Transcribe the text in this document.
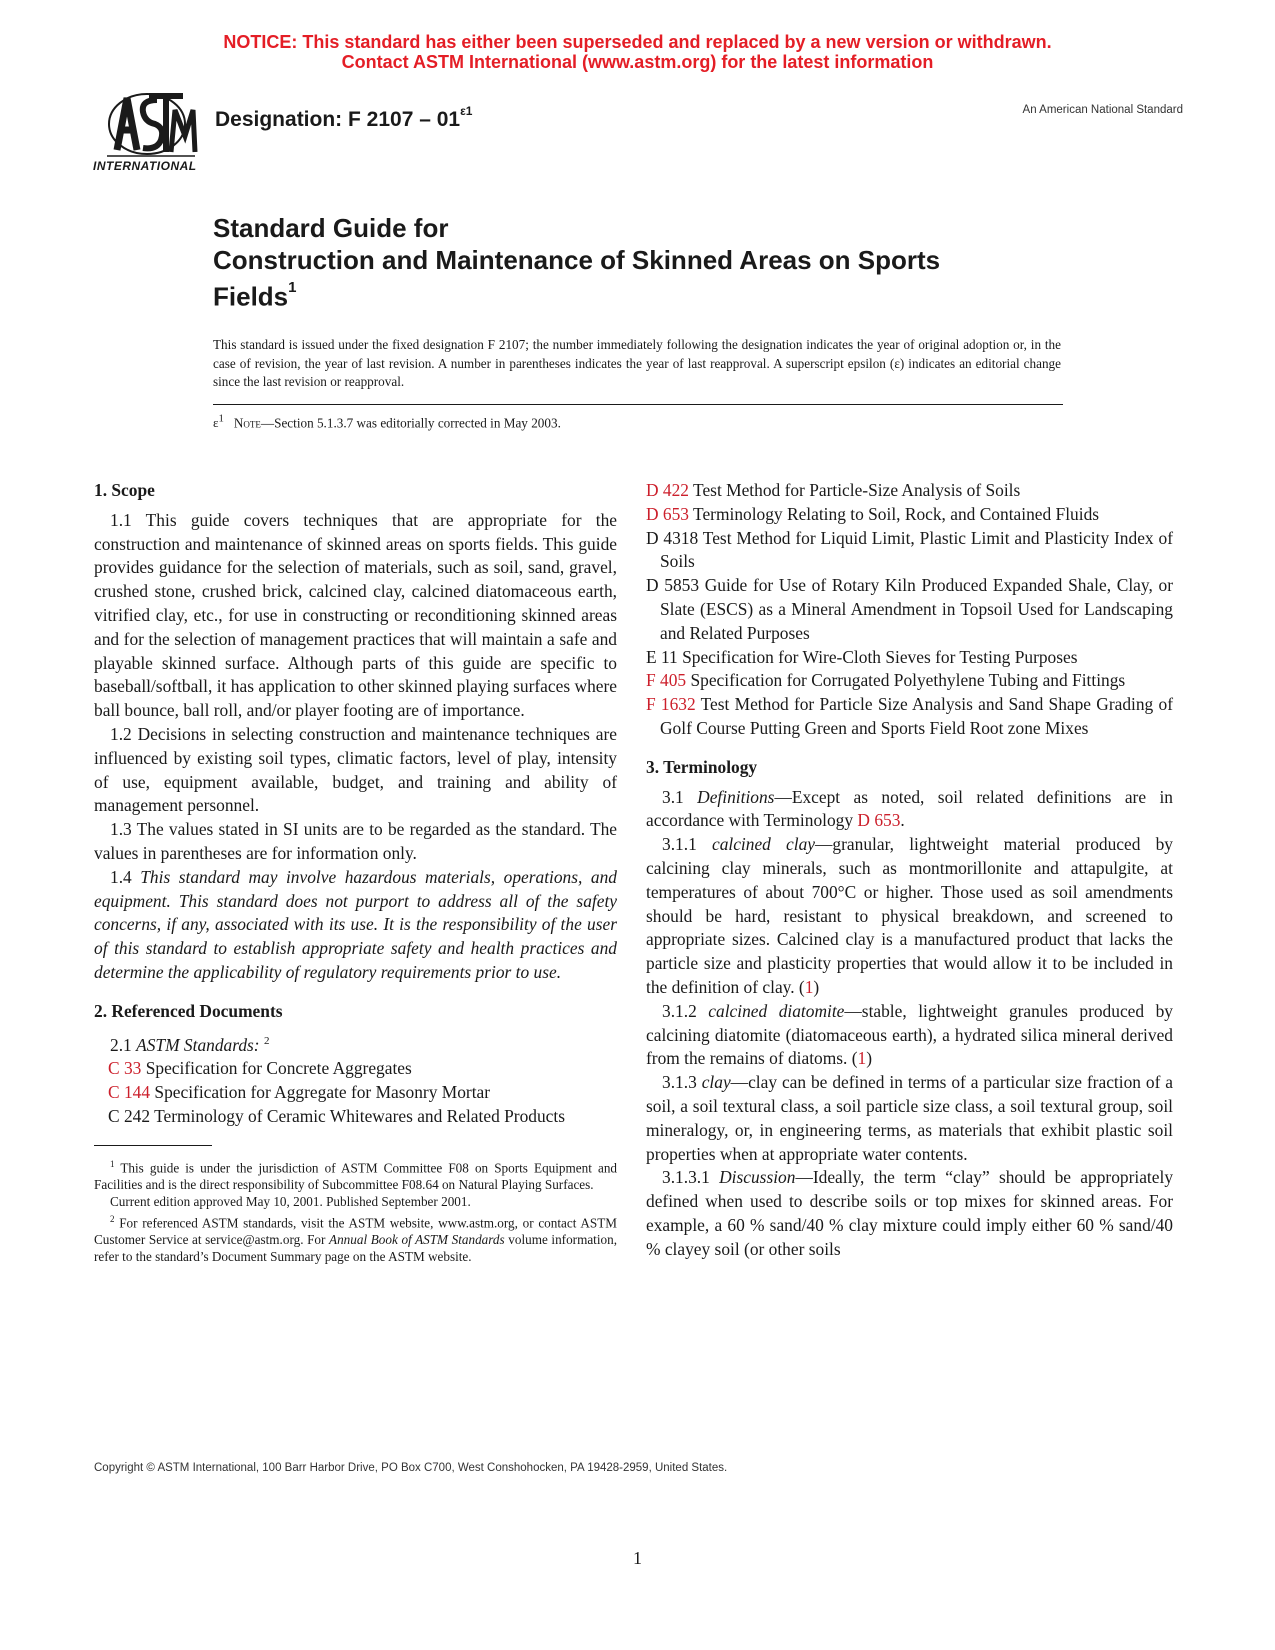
NOTICE: This standard has either been superseded and replaced by a new version or withdrawn.
Contact ASTM International (www.astm.org) for the latest information
INTERNATIONAL
Designation: F $2107 - 01^{\varepsilon 1}$	An American National Standard
Standard Guide for
Construction and Maintenance of Skinned Areas on Sports
Fields$^1$
This standard is issued under the fixed designation F 2107; the number immediately following the designation indicates the year of original adoption or, in the case of revision, the year of last revision. A number in parentheses indicates the year of last reapproval. A superscript epsilon (ε) indicates an editorial change since the last revision or reapproval.
$\varepsilon^1$ Note—Section 5.1.3.7 was editorially corrected in May 2003.
1. Scope

1.1 This guide covers techniques that are appropriate for the construction and maintenance of skinned areas on sports fields. This guide provides guidance for the selection of materials, such as soil, sand, gravel, crushed stone, crushed brick, calcined clay, calcined diatomaceous earth, vitrified clay, etc., for use in constructing or reconditioning skinned areas and for the selection of management practices that will maintain a safe and playable skinned surface. Although parts of this guide are specific to baseball/softball, it has application to other skinned playing surfaces where ball bounce, ball roll, and/or player footing are of importance.

1.2 Decisions in selecting construction and maintenance techniques are influenced by existing soil types, climatic factors, level of play, intensity of use, equipment available, budget, and training and ability of management personnel.

1.3 The values stated in SI units are to be regarded as the standard. The values in parentheses are for information only.

1.4 This standard may involve hazardous materials, operations, and equipment. This standard does not purport to address all of the safety concerns, if any, associated with its use. It is the responsibility of the user of this standard to establish appropriate safety and health practices and determine the applicability of regulatory requirements prior to use.

2. Referenced Documents

2.1 ASTM Standards: $^2$

C 33 Specification for Concrete Aggregates
C 144 Specification for Aggregate for Masonry Mortar
C 242 Terminology of Ceramic Whitewares and Related Products

$^1$ This guide is under the jurisdiction of ASTM Committee F08 on Sports Equipment and Facilities and is the direct responsibility of Subcommittee F08.64 on Natural Playing Surfaces.

Current edition approved May 10, 2001. Published September 2001.

$^2$ For referenced ASTM standards, visit the ASTM website, www.astm.org, or contact ASTM Customer Service at service@astm.org. For Annual Book of ASTM Standards volume information, refer to the standard’s Document Summary page on the ASTM website.

D 422 Test Method for Particle-Size Analysis of Soils
D 653 Terminology Relating to Soil, Rock, and Contained Fluids
D 4318 Test Method for Liquid Limit, Plastic Limit and Plasticity Index of Soils
D 5853 Guide for Use of Rotary Kiln Produced Expanded Shale, Clay, or Slate (ESCS) as a Mineral Amendment in Topsoil Used for Landscaping and Related Purposes
E 11 Specification for Wire-Cloth Sieves for Testing Purposes
F 405 Specification for Corrugated Polyethylene Tubing and Fittings
F 1632 Test Method for Particle Size Analysis and Sand Shape Grading of Golf Course Putting Green and Sports Field Root zone Mixes
3. Terminology

3.1 Definitions—Except as noted, soil related definitions are in accordance with Terminology D 653.

3.1.1 calcined clay—granular, lightweight material produced by calcining clay minerals, such as montmorillonite and attapulgite, at temperatures of about 700°C or higher. Those used as soil amendments should be hard, resistant to physical breakdown, and screened to appropriate sizes. Calcined clay is a manufactured product that lacks the particle size and plasticity properties that would allow it to be included in the definition of clay. (1)

3.1.2 calcined diatomite—stable, lightweight granules produced by calcining diatomite (diatomaceous earth), a hydrated silica mineral derived from the remains of diatoms. (1)

3.1.3 clay—clay can be defined in terms of a particular size fraction of a soil, a soil textural class, a soil particle size class, a soil textural group, soil mineralogy, or, in engineering terms, as materials that exhibit plastic soil properties when at appropriate water contents.

3.1.3.1 Discussion—Ideally, the term “clay” should be appropriately defined when used to describe soils or top mixes for skinned areas. For example, a 60 % sand/40 % clay mixture could imply either 60 % sand/40 % clayey soil (or other soils

Copyright © ASTM International, 100 Barr Harbor Drive, PO Box C700, West Conshohocken, PA 19428-2959, United States.
1
